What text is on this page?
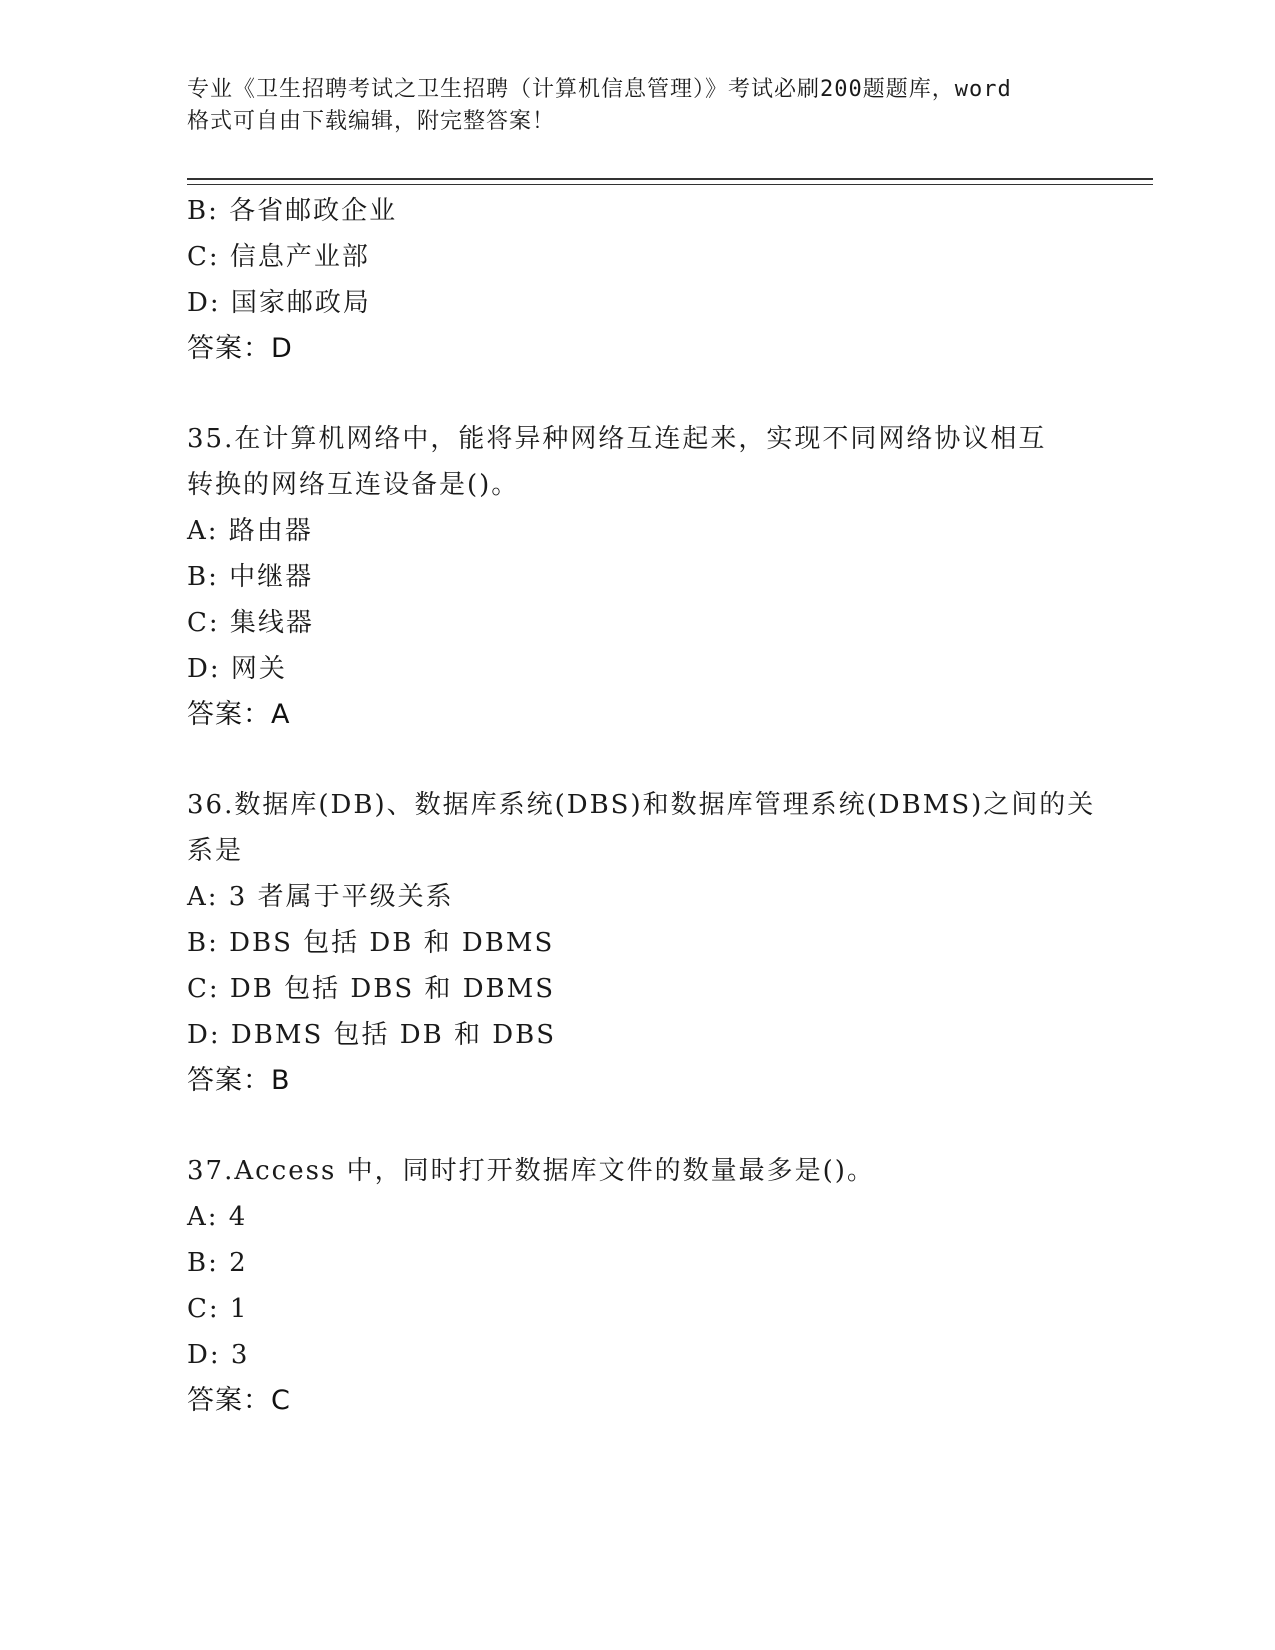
专业《卫生招聘考试之卫生招聘（计算机信息管理）》考试必刷200题题库，word
格式可自由下载编辑，附完整答案！
B: 各省邮政企业
C: 信息产业部
D: 国家邮政局
答案：D
35.在计算机网络中，能将异种网络互连起来，实现不同网络协议相互
转换的网络互连设备是()。
A: 路由器
B: 中继器
C: 集线器
D: 网关
答案：A
36.数据库(DB)、数据库系统(DBS)和数据库管理系统(DBMS)之间的关
系是
A: 3 者属于平级关系
B: DBS 包括 DB 和 DBMS
C: DB 包括 DBS 和 DBMS
D: DBMS 包括 DB 和 DBS
答案：B
37.Access 中，同时打开数据库文件的数量最多是()。
A: 4
B: 2
C: 1
D: 3
答案：C
